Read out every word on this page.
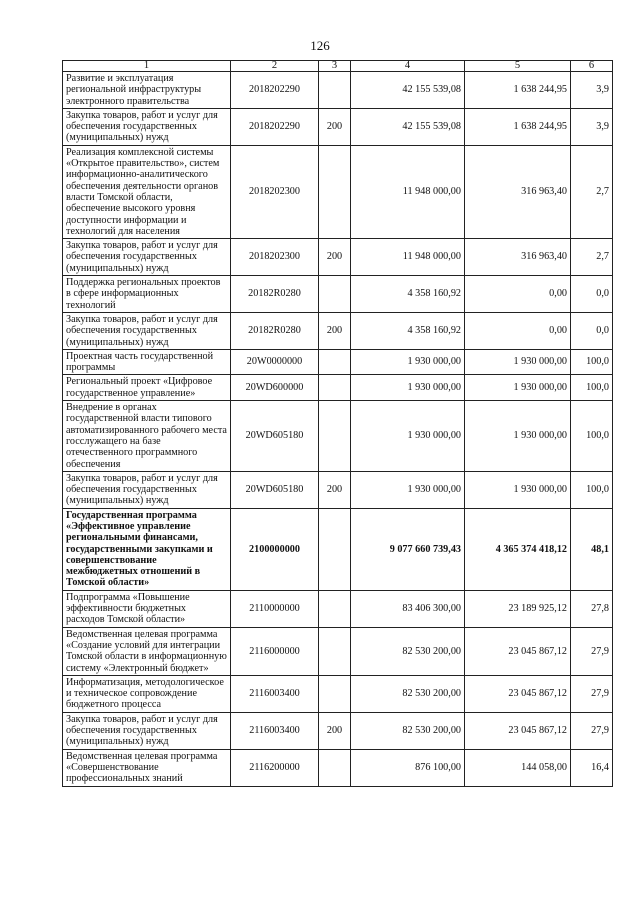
126
1	2	3	4	5	6
Развитие и эксплуатация региональной инфраструктуры электронного правительства	2018202290		42 155 539,08	1 638 244,95	3,9
Закупка товаров, работ и услуг для обеспечения государственных (муниципальных) нужд	2018202290	200	42 155 539,08	1 638 244,95	3,9
Реализация комплексной системы «Открытое правительство», систем информационно-аналитического обеспечения деятельности органов власти Томской области, обеспечение высокого уровня доступности информации и технологий для населения	2018202300		11 948 000,00	316 963,40	2,7
Закупка товаров, работ и услуг для обеспечения государственных (муниципальных) нужд	2018202300	200	11 948 000,00	316 963,40	2,7
Поддержка региональных проектов в сфере информационных технологий	20182R0280		4 358 160,92	0,00	0,0
Закупка товаров, работ и услуг для обеспечения государственных (муниципальных) нужд	20182R0280	200	4 358 160,92	0,00	0,0
Проектная часть государственной программы	20W0000000		1 930 000,00	1 930 000,00	100,0
Региональный проект «Цифровое государственное управление»	20WD600000		1 930 000,00	1 930 000,00	100,0
Внедрение в органах государственной власти типового автоматизированного рабочего места госслужащего на базе отечественного программного обеспечения	20WD605180		1 930 000,00	1 930 000,00	100,0
Закупка товаров, работ и услуг для обеспечения государственных (муниципальных) нужд	20WD605180	200	1 930 000,00	1 930 000,00	100,0
Государственная программа «Эффективное управление региональными финансами, государственными закупками и совершенствование межбюджетных отношений в Томской области»	2100000000		9 077 660 739,43	4 365 374 418,12	48,1
Подпрограмма «Повышение эффективности бюджетных расходов Томской области»	2110000000		83 406 300,00	23 189 925,12	27,8
Ведомственная целевая программа «Создание условий для интеграции Томской области в информационную систему «Электронный бюджет»	2116000000		82 530 200,00	23 045 867,12	27,9
Информатизация, методологическое и техническое сопровождение бюджетного процесса	2116003400		82 530 200,00	23 045 867,12	27,9
Закупка товаров, работ и услуг для обеспечения государственных (муниципальных) нужд	2116003400	200	82 530 200,00	23 045 867,12	27,9
Ведомственная целевая программа «Совершенствование профессиональных знаний	2116200000		876 100,00	144 058,00	16,4
